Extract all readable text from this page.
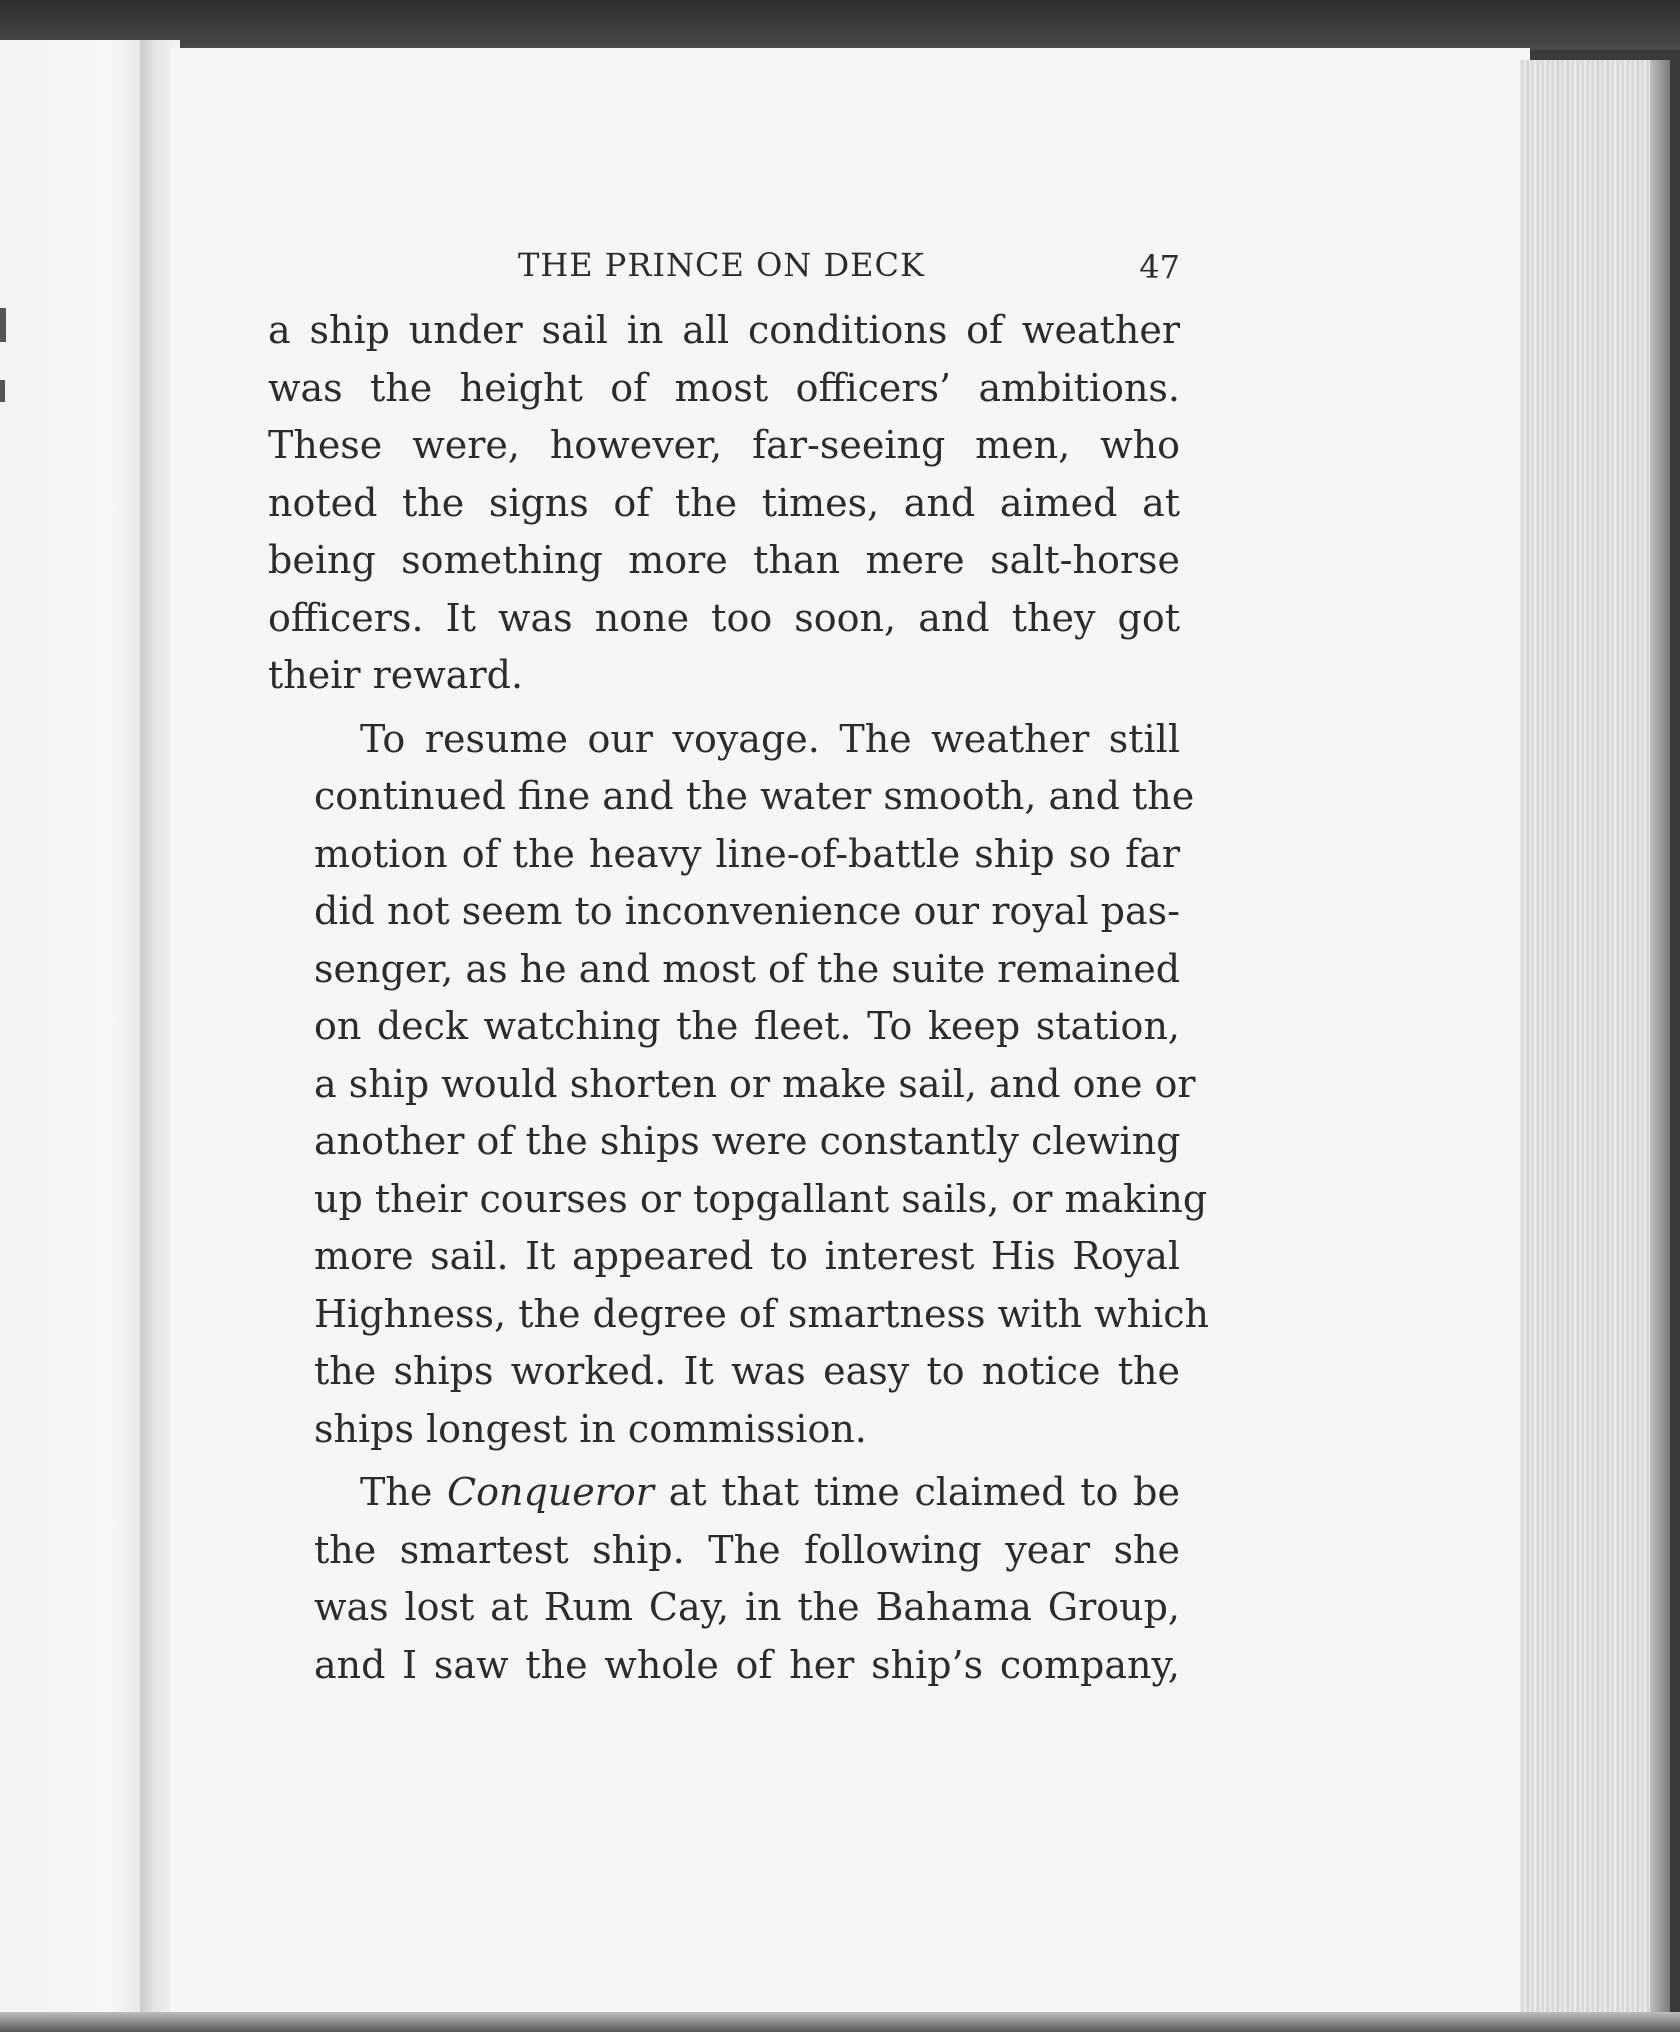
THE PRINCE ON DECK	47

a ship under sail in all conditions of weather
was the height of most officers’ ambitions.
These were, however, far-seeing men, who
noted the signs of the times, and aimed at
being something more than mere salt-horse
officers. It was none too soon, and they got
their reward.

To resume our voyage. The weather still
continued fine and the water smooth, and the
motion of the heavy line-of-battle ship so far
did not seem to inconvenience our royal pas-
senger, as he and most of the suite remained
on deck watching the fleet. To keep station,
a ship would shorten or make sail, and one or
another of the ships were constantly clewing
up their courses or topgallant sails, or making
more sail. It appeared to interest His Royal
Highness, the degree of smartness with which
the ships worked. It was easy to notice the
ships longest in commission.

The Conqueror at that time claimed to be
the smartest ship. The following year she
was lost at Rum Cay, in the Bahama Group,
and I saw the whole of her ship’s company,
